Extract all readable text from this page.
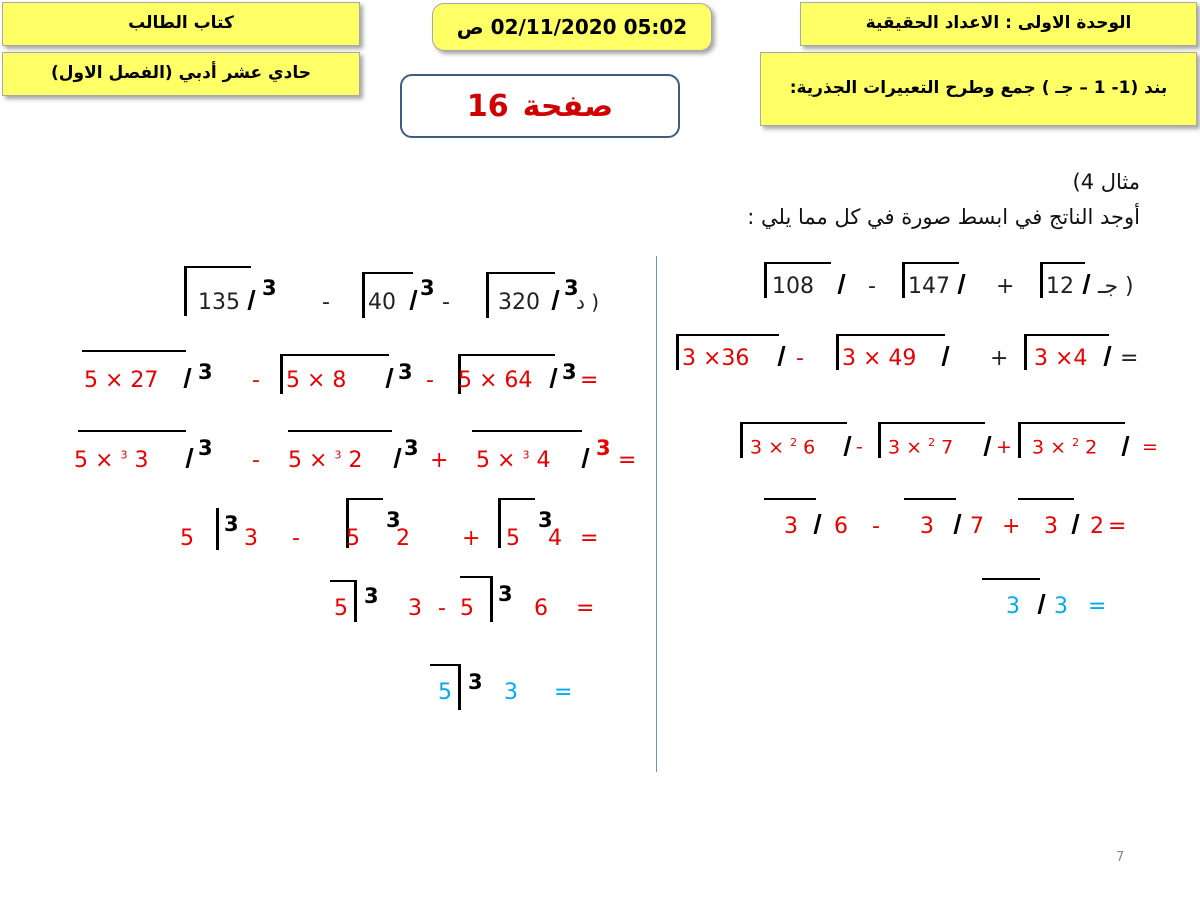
كتاب الطالب
حادي عشر أدبي (الفصل الاول)
05:02 02/11/2020 ص
صفحة
16
الوحدة الاولى : الاعداد الحقيقية
بند (1- 1 – جـ ) جمع وطرح التعبيرات الجذرية:
مثال 4)
أوجد الناتج في ابسط صورة في كل مما يلي :
جـ )
12
+
147
-
108
=
3 ×4
+
3 × 49
-
3 ×36
=
3 × $^2$ 2
+
3 × $^2$ 7
-
3 × $^2$ 6
=
2
3
+
7
3
-
6
3
=
3
3
د )
3
320
-
3
40
-
3
135
=
3
5 × 64
-
3
5 × 8
-
3
5 × 27
=
3
5 × $^3$ 4
+
3
5 × $^3$ 2
-
3
5 × $^3$ 3
=
4
3
5
+
2
3
5
-
3
3
5
=
6
3
5
-
3
3
5
=
3
3
5
7
